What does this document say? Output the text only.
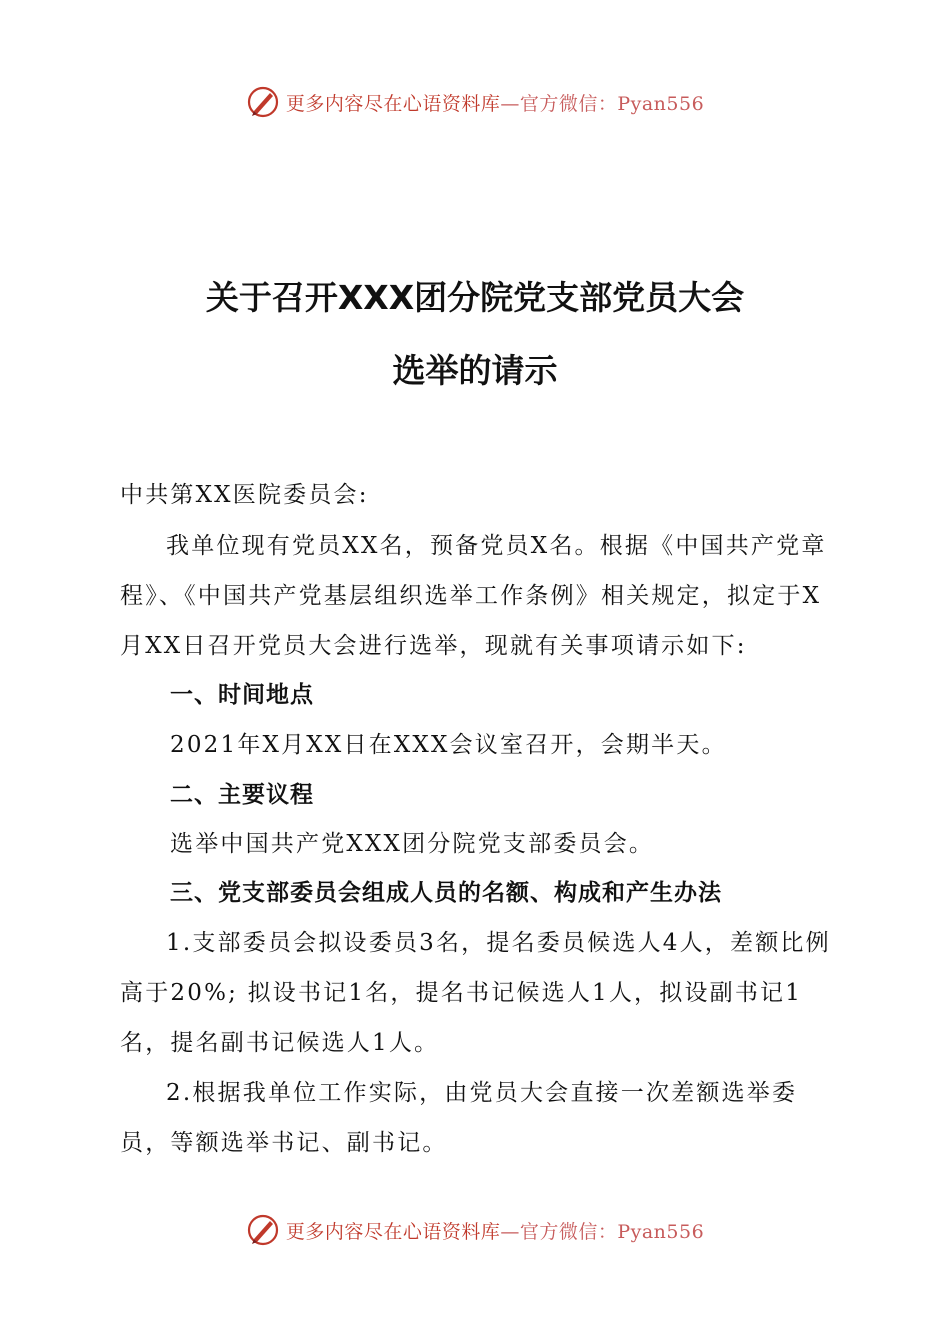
更多内容尽在心语资料库—官方微信：Pyan556
关于召开XXX团分院党支部党员大会
选举的请示
中共第XX医院委员会:
我单位现有党员XX名，预备党员X名。根据《中国共产党章程》、《中国共产党基层组织选举工作条例》相关规定，拟定于X月XX日召开党员大会进行选举，现就有关事项请示如下:
一、时间地点
2021年X月XX日在XXX会议室召开，会期半天。
二、主要议程
选举中国共产党XXX团分院党支部委员会。
三、党支部委员会组成人员的名额、构成和产生办法
1.支部委员会拟设委员3名，提名委员候选人4人，差额比例高于20%; 拟设书记1名，提名书记候选人1人，拟设副书记1名，提名副书记候选人1人。
2.根据我单位工作实际，由党员大会直接一次差额选举委员，等额选举书记、副书记。
更多内容尽在心语资料库—官方微信：Pyan556
